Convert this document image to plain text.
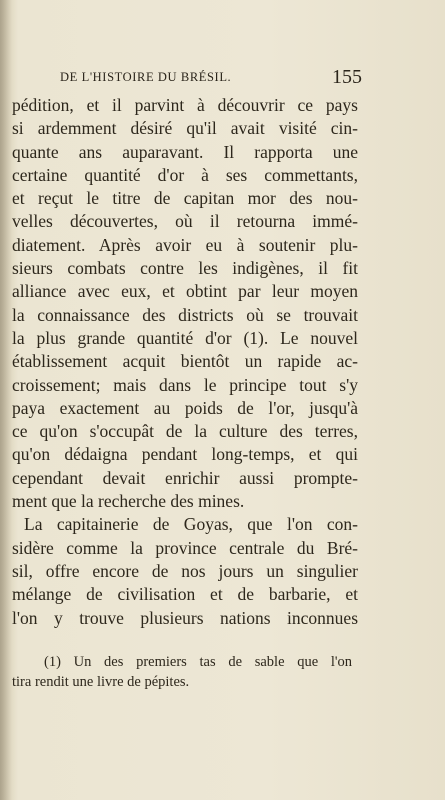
DE L'HISTOIRE DU BRÉSIL.	155
pédition, et il parvint à découvrir ce pays
si ardemment désiré qu'il avait visité cin-
quante ans auparavant. Il rapporta une
certaine quantité d'or à ses commettants,
et reçut le titre de capitan mor des nou-
velles découvertes, où il retourna immé-
diatement. Après avoir eu à soutenir plu-
sieurs combats contre les indigènes, il fit
alliance avec eux, et obtint par leur moyen
la connaissance des districts où se trouvait
la plus grande quantité d'or (1). Le nouvel
établissement acquit bientôt un rapide ac-
croissement; mais dans le principe tout s'y
paya exactement au poids de l'or, jusqu'à
ce qu'on s'occupât de la culture des terres,
qu'on dédaigna pendant long-temps, et qui
cependant devait enrichir aussi prompte-
ment que la recherche des mines.
La capitainerie de Goyas, que l'on con-
sidère comme la province centrale du Bré-
sil, offre encore de nos jours un singulier
mélange de civilisation et de barbarie, et
l'on y trouve plusieurs nations inconnues
(1) Un des premiers tas de sable que l'on
tira rendit une livre de pépites.
